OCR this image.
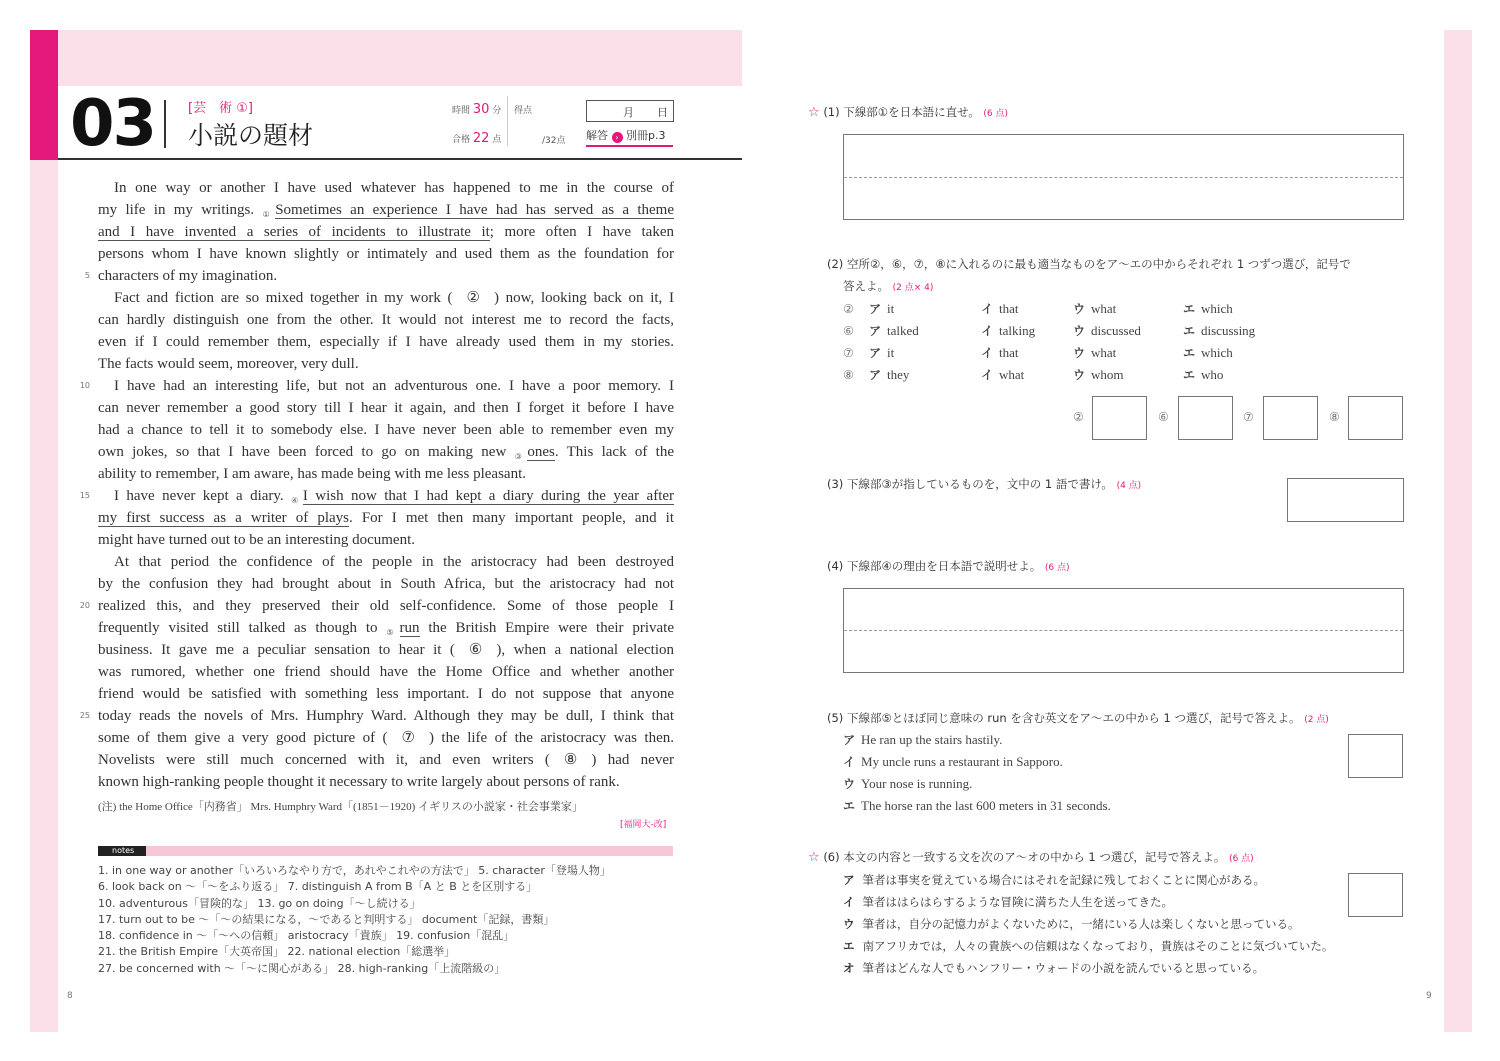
03	[芸　術 ①]
小説の題材
時間 30 分
合格 22 点
得点
/32点
月 日
解答 › 別冊p.3
In one way or another I have used whatever has happened to me in the course of
my life in my writings. $_①$Sometimes an experience I have had has served as a theme
and I have invented a series of incidents to illustrate it; more often I have taken
persons whom I have known slightly or intimately and used them as the foundation for
characters of my imagination.
Fact and fiction are so mixed together in my work ( ② ) now, looking back on it, I
can hardly distinguish one from the other. It would not interest me to record the facts,
even if I could remember them, especially if I have already used them in my stories.
The facts would seem, moreover, very dull.
I have had an interesting life, but not an adventurous one. I have a poor memory. I
can never remember a good story till I hear it again, and then I forget it before I have
had a chance to tell it to somebody else. I have never been able to remember even my
own jokes, so that I have been forced to go on making new $_③$ones. This lack of the
ability to remember, I am aware, has made being with me less pleasant.
I have never kept a diary. $_④$I wish now that I had kept a diary during the year after
my first success as a writer of plays. For I met then many important people, and it
might have turned out to be an interesting document.
At that period the confidence of the people in the aristocracy had been destroyed
by the confusion they had brought about in South Africa, but the aristocracy had not
realized this, and they preserved their old self-confidence. Some of those people I
frequently visited still talked as though to $_⑤$run the British Empire were their private
business. It gave me a peculiar sensation to hear it ( ⑥ ), when a national election
was rumored, whether one friend should have the Home Office and whether another
friend would be satisfied with something less important. I do not suppose that anyone
today reads the novels of Mrs. Humphry Ward. Although they may be dull, I think that
some of them give a very good picture of ( ⑦ ) the life of the aristocracy was then.
Novelists were still much concerned with it, and even writers ( ⑧ ) had never
known high-ranking people thought it necessary to write largely about persons of rank.
5
10
15
20
25
(注) the Home Office「内務省」 Mrs. Humphry Ward「(1851－1920) イギリスの小説家・社会事業家」
[福岡大-改]
notes
1. in one way or another「いろいろなやり方で，あれやこれやの方法で」 5. character「登場人物」
6. look back on ～「～をふり返る」 7. distinguish A from B「A と B とを区別する」
10. adventurous「冒険的な」 13. go on doing「～し続ける」
17. turn out to be ～「～の結果になる，～であると判明する」 document「記録，書類」
18. confidence in ～「～への信頼」 aristocracy「貴族」 19. confusion「混乱」
21. the British Empire「大英帝国」 22. national election「総選挙」
27. be concerned with ～「～に関心がある」 28. high-ranking「上流階級の」
8	9
☆ (1) 下線部①を日本語に直せ。 (6 点)
(2) 空所②，⑥，⑦，⑧に入れるのに最も適当なものをア～エの中からそれぞれ 1 つずつ選び，記号で
答えよ。 (2 点× 4)
② ア it	イ that	ウ what	エ which
⑥ ア talked	イ talking	ウ discussed	エ discussing
⑦ ア it	イ that	ウ what	エ which
⑧ ア they	イ what	ウ whom	エ who
②	⑥	⑦	⑧
(3) 下線部③が指しているものを，文中の 1 語で書け。 (4 点)
(4) 下線部④の理由を日本語で説明せよ。 (6 点)
(5) 下線部⑤とほぼ同じ意味の run を含む英文をア～エの中から 1 つ選び，記号で答えよ。 (2 点)
ア He ran up the stairs hastily.
イ My uncle runs a restaurant in Sapporo.
ウ Your nose is running.
エ The horse ran the last 600 meters in 31 seconds.
☆ (6) 本文の内容と一致する文を次のア～オの中から 1 つ選び，記号で答えよ。 (6 点)
ア 筆者は事実を覚えている場合にはそれを記録に残しておくことに関心がある。
イ 筆者ははらはらするような冒険に満ちた人生を送ってきた。
ウ 筆者は，自分の記憶力がよくないために，一緒にいる人は楽しくないと思っている。
エ 南アフリカでは，人々の貴族への信頼はなくなっており，貴族はそのことに気づいていた。
オ 筆者はどんな人でもハンフリー・ウォードの小説を読んでいると思っている。
